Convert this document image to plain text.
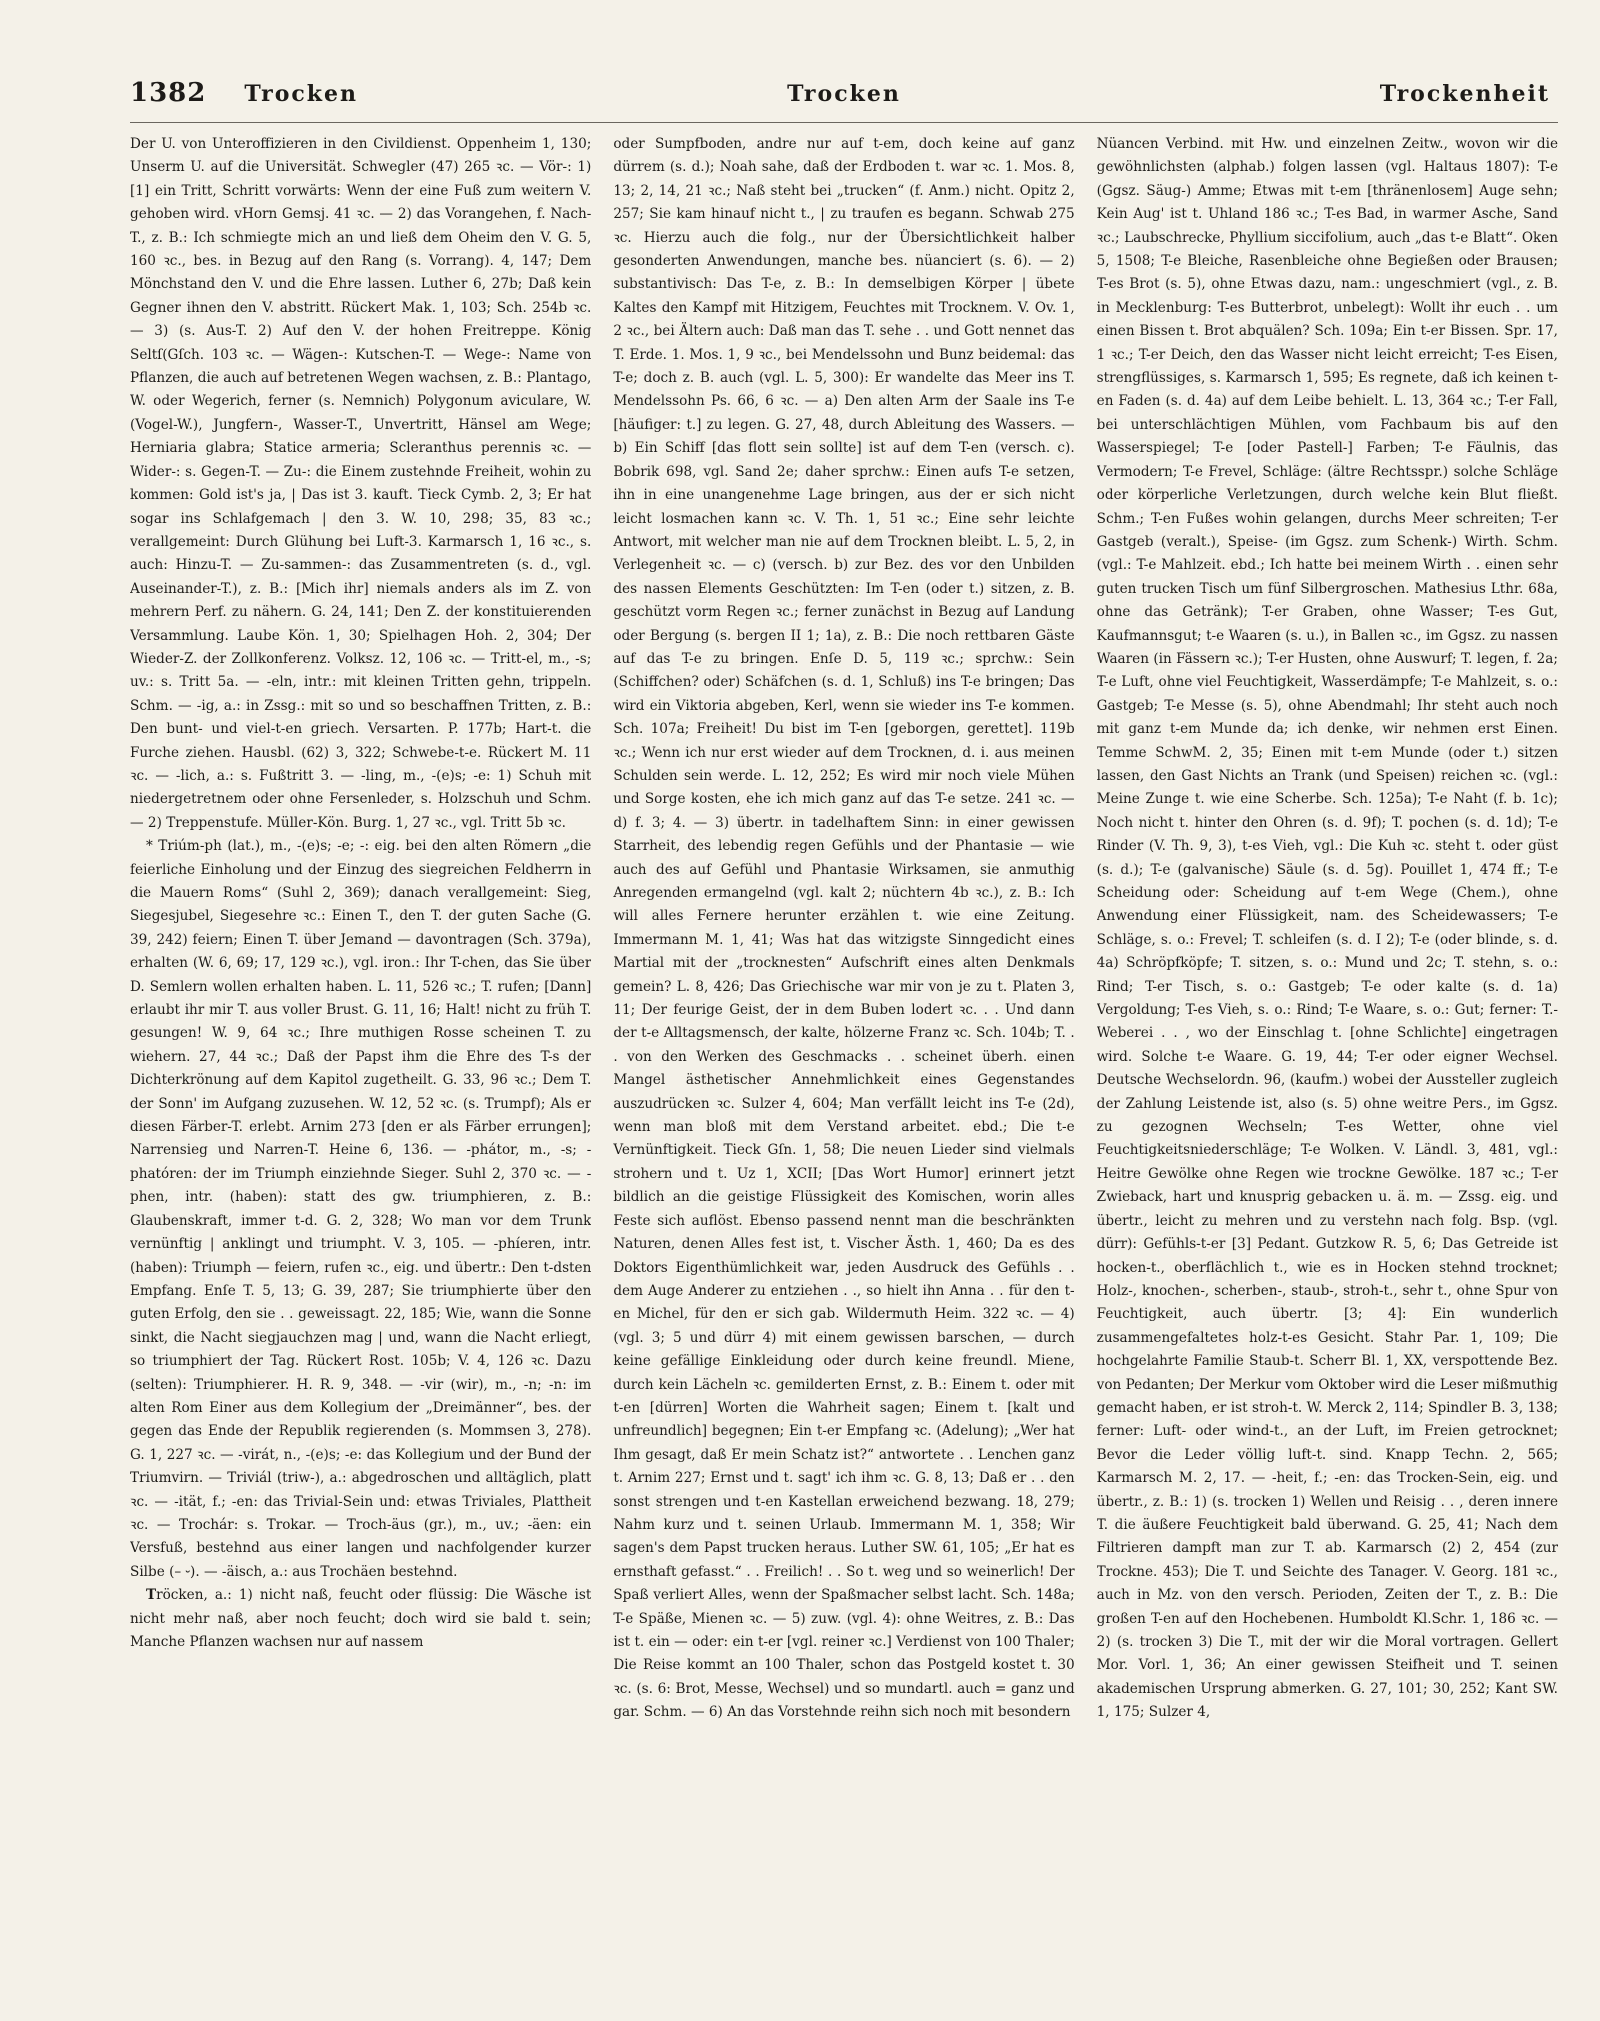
1382 Trocken	Trocken	Trockenheit

Der U. von Unteroffizieren in den Civildienst. Oppenheim 1, 130; Unserm U. auf die Universität. Schwegler (47) 265 ꝛc. — Vör-: 1) [1] ein Tritt, Schritt vorwärts: Wenn der eine Fuß zum weitern V. gehoben wird. vHorn Gemsj. 41 ꝛc. — 2) das Vorangehen, f. Nach-T., z. B.: Ich schmiegte mich an und ließ dem Oheim den V. G. 5, 160 ꝛc., bes. in Bezug auf den Rang (s. Vorrang). 4, 147; Dem Mönchstand den V. und die Ehre lassen. Luther 6, 27b; Daß kein Gegner ihnen den V. abstritt. Rückert Mak. 1, 103; Sch. 254b ꝛc. — 3) (s. Aus-T. 2) Auf den V. der hohen Freitreppe. König Seltſ(Gſch. 103 ꝛc. — Wägen-: Kutschen-T. — Wege-: Name von Pflanzen, die auch auf betretenen Wegen wachsen, z. B.: Plantago, W. oder Wegerich, ferner (s. Nemnich) Polygonum aviculare, W. (Vogel-W.), Jungfern-, Wasser-T., Unvertritt, Hänsel am Wege; Herniaria glabra; Statice armeria; Scleranthus perennis ꝛc. — Wider-: s. Gegen-T. — Zu-: die Einem zustehnde Freiheit, wohin zu kommen: Gold ist's ja, | Das ist 3. kauft. Tieck Cymb. 2, 3; Er hat sogar ins Schlafgemach | den 3. W. 10, 298; 35, 83 ꝛc.; verallgemeint: Durch Glühung bei Luft-3. Karmarsch 1, 16 ꝛc., s. auch: Hinzu-T. — Zu-sammen-: das Zusammentreten (s. d., vgl. Auseinander-T.), z. B.: [Mich ihr] niemals anders als im Z. von mehrern Perf. zu nähern. G. 24, 141; Den Z. der konstituierenden Versammlung. Laube Kön. 1, 30; Spielhagen Hoh. 2, 304; Der Wieder-Z. der Zollkonferenz. Volksz. 12, 106 ꝛc. — Tritt-el, m., -s; uv.: s. Tritt 5a. — -eln, intr.: mit kleinen Tritten gehn, trippeln. Schm. — -ig, a.: in Zssg.: mit so und so beschaffnen Tritten, z. B.: Den bunt- und viel-t-en griech. Versarten. P. 177b; Hart-t. die Furche ziehen. Hausbl. (62) 3, 322; Schwebe-t-e. Rückert M. 11 ꝛc. — -lich, a.: s. Fußtritt 3. — -ling, m., -(e)s; -e: 1) Schuh mit niedergetretnem oder ohne Fersenleder, s. Holzschuh und Schm. — 2) Treppenstufe. Müller-Kön. Burg. 1, 27 ꝛc., vgl. Tritt 5b ꝛc.

* Triúm-ph (lat.), m., -(e)s; -e; -: eig. bei den alten Römern „die feierliche Einholung und der Einzug des siegreichen Feldherrn in die Mauern Roms“ (Suhl 2, 369); danach verallgemeint: Sieg, Siegesjubel, Siegesehre ꝛc.: Einen T., den T. der guten Sache (G. 39, 242) feiern; Einen T. über Jemand — davontragen (Sch. 379a), erhalten (W. 6, 69; 17, 129 ꝛc.), vgl. iron.: Ihr T-chen, das Sie über D. Semlern wollen erhalten haben. L. 11, 526 ꝛc.; T. rufen; [Dann] erlaubt ihr mir T. aus voller Brust. G. 11, 16; Halt! nicht zu früh T. gesungen! W. 9, 64 ꝛc.; Ihre muthigen Rosse scheinen T. zu wiehern. 27, 44 ꝛc.; Daß der Papst ihm die Ehre des T-s der Dichterkrönung auf dem Kapitol zugetheilt. G. 33, 96 ꝛc.; Dem T. der Sonn' im Aufgang zuzusehen. W. 12, 52 ꝛc. (s. Trumpf); Als er diesen Färber-T. erlebt. Arnim 273 [den er als Färber errungen]; Narrensieg und Narren-T. Heine 6, 136. — -phátor, m., -s; -phatóren: der im Triumph einziehnde Sieger. Suhl 2, 370 ꝛc. — -phen, intr. (haben): statt des gw. triumphieren, z. B.: Glaubenskraft, immer t-d. G. 2, 328; Wo man vor dem Trunk vernünftig | anklingt und triumpht. V. 3, 105. — -phíeren, intr. (haben): Triumph — feiern, rufen ꝛc., eig. und übertr.: Den t-dsten Empfang. Enſe T. 5, 13; G. 39, 287; Sie triumphierte über den guten Erfolg, den sie . . geweissagt. 22, 185; Wie, wann die Sonne sinkt, die Nacht siegjauchzen mag | und, wann die Nacht erliegt, so triumphiert der Tag. Rückert Rost. 105b; V. 4, 126 ꝛc. Dazu (selten): Triumphierer. H. R. 9, 348. — -vir (wir), m., -n; -n: im alten Rom Einer aus dem Kollegium der „Dreimänner“, bes. der gegen das Ende der Republik regierenden (s. Mommsen 3, 278). G. 1, 227 ꝛc. — -virát, n., -(e)s; -e: das Kollegium und der Bund der Triumvirn. — Triviál (triw-), a.: abgedroschen und alltäglich, platt ꝛc. — -ität, f.; -en: das Trivial-Sein und: etwas Triviales, Plattheit ꝛc. — Trochár: s. Trokar. — Troch-äus (gr.), m., uv.; -äen: ein Versfuß, bestehnd aus einer langen und nachfolgender kurzer Silbe (– ⏑). — -äisch, a.: aus Trochäen bestehnd.

Tröcken, a.: 1) nicht naß, feucht oder flüssig: Die Wäsche ist nicht mehr naß, aber noch feucht; doch wird sie bald t. sein; Manche Pflanzen wachsen nur auf nassem

oder Sumpfboden, andre nur auf t-em, doch keine auf ganz dürrem (s. d.); Noah sahe, daß der Erdboden t. war ꝛc. 1. Mos. 8, 13; 2, 14, 21 ꝛc.; Naß steht bei „trucken“ (f. Anm.) nicht. Opitz 2, 257; Sie kam hinauf nicht t., | zu traufen es begann. Schwab 275 ꝛc. Hierzu auch die folg., nur der Übersichtlichkeit halber gesonderten Anwendungen, manche bes. nüanciert (s. 6). — 2) substantivisch: Das T-e, z. B.: In demselbigen Körper | übete Kaltes den Kampf mit Hitzigem, Feuchtes mit Trocknem. V. Ov. 1, 2 ꝛc., bei Ältern auch: Daß man das T. sehe . . und Gott nennet das T. Erde. 1. Mos. 1, 9 ꝛc., bei Mendelssohn und Bunz beidemal: das T-e; doch z. B. auch (vgl. L. 5, 300): Er wandelte das Meer ins T. Mendelssohn Ps. 66, 6 ꝛc. — a) Den alten Arm der Saale ins T-e [häufiger: t.] zu legen. G. 27, 48, durch Ableitung des Wassers. — b) Ein Schiff [das flott sein sollte] ist auf dem T-en (versch. c). Bobrik 698, vgl. Sand 2e; daher sprchw.: Einen aufs T-e setzen, ihn in eine unangenehme Lage bringen, aus der er sich nicht leicht losmachen kann ꝛc. V. Th. 1, 51 ꝛc.; Eine sehr leichte Antwort, mit welcher man nie auf dem Trocknen bleibt. L. 5, 2, in Verlegenheit ꝛc. — c) (versch. b) zur Bez. des vor den Unbilden des nassen Elements Geschützten: Im T-en (oder t.) sitzen, z. B. geschützt vorm Regen ꝛc.; ferner zunächst in Bezug auf Landung oder Bergung (s. bergen II 1; 1a), z. B.: Die noch rettbaren Gäste auf das T-e zu bringen. Enſe D. 5, 119 ꝛc.; sprchw.: Sein (Schiffchen? oder) Schäfchen (s. d. 1, Schluß) ins T-e bringen; Das wird ein Viktoria abgeben, Kerl, wenn sie wieder ins T-e kommen. Sch. 107a; Freiheit! Du bist im T-en [geborgen, gerettet]. 119b ꝛc.; Wenn ich nur erst wieder auf dem Trocknen, d. i. aus meinen Schulden sein werde. L. 12, 252; Es wird mir noch viele Mühen und Sorge kosten, ehe ich mich ganz auf das T-e setze. 241 ꝛc. — d) f. 3; 4. — 3) übertr. in tadelhaftem Sinn: in einer gewissen Starrheit, des lebendig regen Gefühls und der Phantasie — wie auch des auf Gefühl und Phantasie Wirksamen, sie anmuthig Anregenden ermangelnd (vgl. kalt 2; nüchtern 4b ꝛc.), z. B.: Ich will alles Fernere herunter erzählen t. wie eine Zeitung. Immermann M. 1, 41; Was hat das witzigste Sinngedicht eines Martial mit der „trocknesten“ Aufschrift eines alten Denkmals gemein? L. 8, 426; Das Griechische war mir von je zu t. Platen 3, 11; Der feurige Geist, der in dem Buben lodert ꝛc. . . Und dann der t-e Alltagsmensch, der kalte, hölzerne Franz ꝛc. Sch. 104b; T. . . von den Werken des Geschmacks . . scheinet überh. einen Mangel ästhetischer Annehmlichkeit eines Gegenstandes auszudrücken ꝛc. Sulzer 4, 604; Man verfällt leicht ins T-e (2d), wenn man bloß mit dem Verstand arbeitet. ebd.; Die t-e Vernünftigkeit. Tieck Gſn. 1, 58; Die neuen Lieder sind vielmals strohern und t. Uz 1, XCII; [Das Wort Humor] erinnert jetzt bildlich an die geistige Flüssigkeit des Komischen, worin alles Feste sich auflöst. Ebenso passend nennt man die beschränkten Naturen, denen Alles fest ist, t. Vischer Ästh. 1, 460; Da es des Doktors Eigenthümlichkeit war, jeden Ausdruck des Gefühls . . dem Auge Anderer zu entziehen . ., so hielt ihn Anna . . für den t-en Michel, für den er sich gab. Wildermuth Heim. 322 ꝛc. — 4) (vgl. 3; 5 und dürr 4) mit einem gewissen barschen, — durch keine gefällige Einkleidung oder durch keine freundl. Miene, durch kein Lächeln ꝛc. gemilderten Ernst, z. B.: Einem t. oder mit t-en [dürren] Worten die Wahrheit sagen; Einem t. [kalt und unfreundlich] begegnen; Ein t-er Empfang ꝛc. (Adelung); „Wer hat Ihm gesagt, daß Er mein Schatz ist?“ antwortete . . Lenchen ganz t. Arnim 227; Ernst und t. sagt' ich ihm ꝛc. G. 8, 13; Daß er . . den sonst strengen und t-en Kastellan erweichend bezwang. 18, 279; Nahm kurz und t. seinen Urlaub. Immermann M. 1, 358; Wir sagen's dem Papst trucken heraus. Luther SW. 61, 105; „Er hat es ernsthaft gefasst.“ . . Freilich! . . So t. weg und so weinerlich! Der Spaß verliert Alles, wenn der Spaßmacher selbst lacht. Sch. 148a; T-e Späße, Mienen ꝛc. — 5) zuw. (vgl. 4): ohne Weitres, z. B.: Das ist t. ein — oder: ein t-er [vgl. reiner ꝛc.] Verdienst von 100 Thaler; Die Reise kommt an 100 Thaler, schon das Postgeld kostet t. 30 ꝛc. (s. 6: Brot, Messe, Wechsel) und so mundartl. auch = ganz und gar. Schm. — 6) An das Vorstehnde reihn sich noch mit besondern

Nüancen Verbind. mit Hw. und einzelnen Zeitw., wovon wir die gewöhnlichsten (alphab.) folgen lassen (vgl. Haltaus 1807): T-e (Ggsz. Säug-) Amme; Etwas mit t-em [thränenlosem] Auge sehn; Kein Aug' ist t. Uhland 186 ꝛc.; T-es Bad, in warmer Asche, Sand ꝛc.; Laubschrecke, Phyllium siccifolium, auch „das t-e Blatt“. Oken 5, 1508; T-e Bleiche, Rasenbleiche ohne Begießen oder Brausen; T-es Brot (s. 5), ohne Etwas dazu, nam.: ungeschmiert (vgl., z. B. in Mecklenburg: T-es Butterbrot, unbelegt): Wollt ihr euch . . um einen Bissen t. Brot abquälen? Sch. 109a; Ein t-er Bissen. Spr. 17, 1 ꝛc.; T-er Deich, den das Wasser nicht leicht erreicht; T-es Eisen, strengflüssiges, s. Karmarsch 1, 595; Es regnete, daß ich keinen t-en Faden (s. d. 4a) auf dem Leibe behielt. L. 13, 364 ꝛc.; T-er Fall, bei unterschlächtigen Mühlen, vom Fachbaum bis auf den Wasserspiegel; T-e [oder Pastell-] Farben; T-e Fäulnis, das Vermodern; T-e Frevel, Schläge: (ältre Rechtsspr.) solche Schläge oder körperliche Verletzungen, durch welche kein Blut fließt. Schm.; T-en Fußes wohin gelangen, durchs Meer schreiten; T-er Gastgeb (veralt.), Speise- (im Ggsz. zum Schenk-) Wirth. Schm. (vgl.: T-e Mahlzeit. ebd.; Ich hatte bei meinem Wirth . . einen sehr guten trucken Tisch um fünf Silbergroschen. Mathesius Lthr. 68a, ohne das Getränk); T-er Graben, ohne Wasser; T-es Gut, Kaufmannsgut; t-e Waaren (s. u.), in Ballen ꝛc., im Ggsz. zu nassen Waaren (in Fässern ꝛc.); T-er Husten, ohne Auswurf; T. legen, f. 2a; T-e Luft, ohne viel Feuchtigkeit, Wasserdämpfe; T-e Mahlzeit, s. o.: Gastgeb; T-e Messe (s. 5), ohne Abendmahl; Ihr steht auch noch mit ganz t-em Munde da; ich denke, wir nehmen erst Einen. Temme SchwM. 2, 35; Einen mit t-em Munde (oder t.) sitzen lassen, den Gast Nichts an Trank (und Speisen) reichen ꝛc. (vgl.: Meine Zunge t. wie eine Scherbe. Sch. 125a); T-e Naht (f. b. 1c); Noch nicht t. hinter den Ohren (s. d. 9f); T. pochen (s. d. 1d); T-e Rinder (V. Th. 9, 3), t-es Vieh, vgl.: Die Kuh ꝛc. steht t. oder güst (s. d.); T-e (galvanische) Säule (s. d. 5g). Pouillet 1, 474 ff.; T-e Scheidung oder: Scheidung auf t-em Wege (Chem.), ohne Anwendung einer Flüssigkeit, nam. des Scheidewassers; T-e Schläge, s. o.: Frevel; T. schleifen (s. d. I 2); T-e (oder blinde, s. d. 4a) Schröpfköpfe; T. sitzen, s. o.: Mund und 2c; T. stehn, s. o.: Rind; T-er Tisch, s. o.: Gastgeb; T-e oder kalte (s. d. 1a) Vergoldung; T-es Vieh, s. o.: Rind; T-e Waare, s. o.: Gut; ferner: T.-Weberei . . , wo der Einschlag t. [ohne Schlichte] eingetragen wird. Solche t-e Waare. G. 19, 44; T-er oder eigner Wechsel. Deutsche Wechselordn. 96, (kaufm.) wobei der Aussteller zugleich der Zahlung Leistende ist, also (s. 5) ohne weitre Pers., im Ggsz. zu gezognen Wechseln; T-es Wetter, ohne viel Feuchtigkeitsniederschläge; T-e Wolken. V. Ländl. 3, 481, vgl.: Heitre Gewölke ohne Regen wie trockne Gewölke. 187 ꝛc.; T-er Zwieback, hart und knusprig gebacken u. ä. m. — Zssg. eig. und übertr., leicht zu mehren und zu verstehn nach folg. Bsp. (vgl. dürr): Gefühls-t-er [3] Pedant. Gutzkow R. 5, 6; Das Getreide ist hocken-t., oberflächlich t., wie es in Hocken stehnd trocknet; Holz-, knochen-, scherben-, staub-, stroh-t., sehr t., ohne Spur von Feuchtigkeit, auch übertr. [3; 4]: Ein wunderlich zusammengefaltetes holz-t-es Gesicht. Stahr Par. 1, 109; Die hochgelahrte Familie Staub-t. Scherr Bl. 1, XX, verspottende Bez. von Pedanten; Der Merkur vom Oktober wird die Leser mißmuthig gemacht haben, er ist stroh-t. W. Merck 2, 114; Spindler B. 3, 138; ferner: Luft- oder wind-t., an der Luft, im Freien getrocknet; Bevor die Leder völlig luft-t. sind. Knapp Techn. 2, 565; Karmarsch M. 2, 17. — -heit, f.; -en: das Trocken-Sein, eig. und übertr., z. B.: 1) (s. trocken 1) Wellen und Reisig . . , deren innere T. die äußere Feuchtigkeit bald überwand. G. 25, 41; Nach dem Filtrieren dampft man zur T. ab. Karmarsch (2) 2, 454 (zur Trockne. 453); Die T. und Seichte des Tanager. V. Georg. 181 ꝛc., auch in Mz. von den versch. Perioden, Zeiten der T., z. B.: Die großen T-en auf den Hochebenen. Humboldt Kl.Schr. 1, 186 ꝛc. — 2) (s. trocken 3) Die T., mit der wir die Moral vortragen. Gellert Mor. Vorl. 1, 36; An einer gewissen Steifheit und T. seinen akademischen Ursprung abmerken. G. 27, 101; 30, 252; Kant SW. 1, 175; Sulzer 4,
